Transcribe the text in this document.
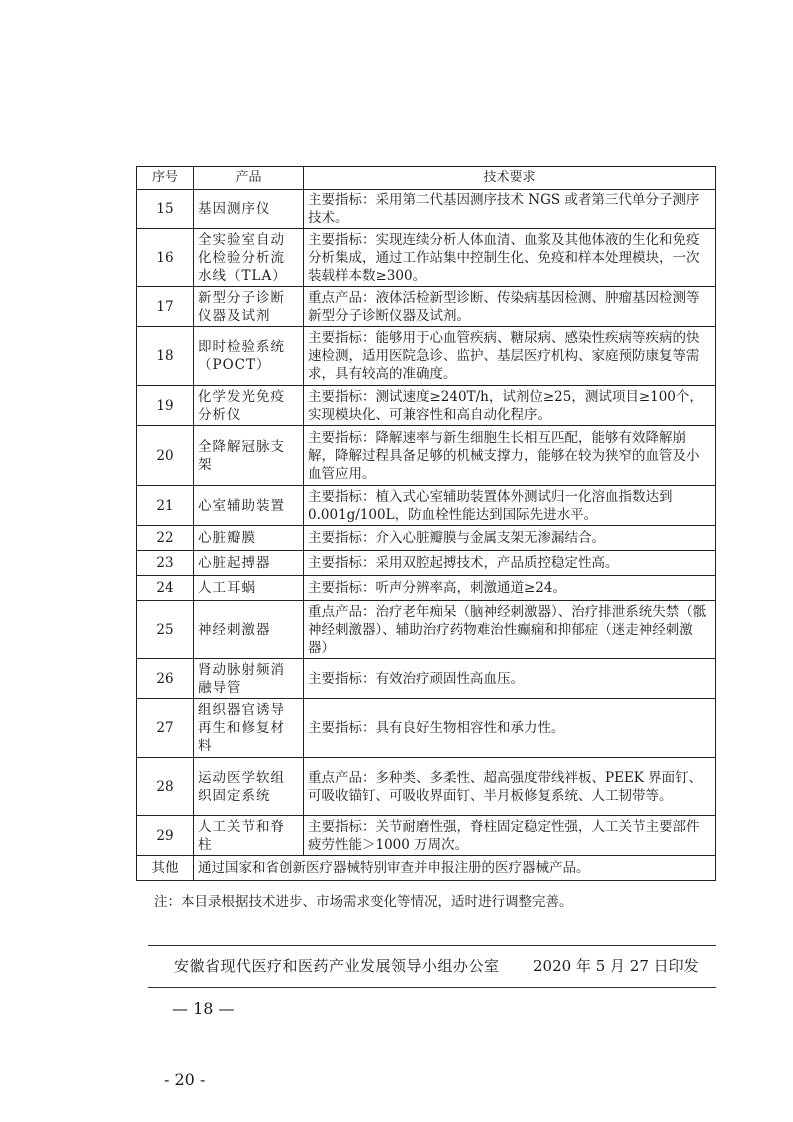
序号	产品	技术要求
15	基因测序仪	主要指标：采用第二代基因测序技术 NGS 或者第三代单分子测序技术。
16	全实验室自动化检验分析流水线（TLA）	主要指标：实现连续分析人体血清、血浆及其他体液的生化和免疫分析集成，通过工作站集中控制生化、免疫和样本处理模块，一次装载样本数≥300。
17	新型分子诊断仪器及试剂	重点产品：液体活检新型诊断、传染病基因检测、肿瘤基因检测等新型分子诊断仪器及试剂。
18	即时检验系统（POCT）	主要指标：能够用于心血管疾病、糖尿病、感染性疾病等疾病的快速检测，适用医院急诊、监护、基层医疗机构、家庭预防康复等需求，具有较高的准确度。
19	化学发光免疫分析仪	主要指标：测试速度≥240T/h，试剂位≥25，测试项目≥100个，实现模块化、可兼容性和高自动化程序。
20	全降解冠脉支架	主要指标：降解速率与新生细胞生长相互匹配，能够有效降解崩解，降解过程具备足够的机械支撑力，能够在较为狭窄的血管及小血管应用。
21	心室辅助装置	主要指标：植入式心室辅助装置体外测试归一化溶血指数达到 0.001g/100L，防血栓性能达到国际先进水平。
22	心脏瓣膜	主要指标：介入心脏瓣膜与金属支架无渗漏结合。
23	心脏起搏器	主要指标：采用双腔起搏技术，产品质控稳定性高。
24	人工耳蜗	主要指标：听声分辨率高，刺激通道≥24。
25	神经刺激器	重点产品：治疗老年痴呆（脑神经刺激器）、治疗排泄系统失禁（骶神经刺激器）、辅助治疗药物难治性癫痫和抑郁症（迷走神经刺激器）
26	肾动脉射频消融导管	主要指标：有效治疗顽固性高血压。
27	组织器官诱导再生和修复材料	主要指标：具有良好生物相容性和承力性。
28	运动医学软组织固定系统	重点产品：多种类、多柔性、超高强度带线袢板、PEEK 界面钉、可吸收锚钉、可吸收界面钉、半月板修复系统、人工韧带等。
29	人工关节和脊柱	主要指标：关节耐磨性强，脊柱固定稳定性强，人工关节主要部件疲劳性能＞1000 万周次。
其他	通过国家和省创新医疗器械特别审查并申报注册的医疗器械产品。	
注：本目录根据技术进步、市场需求变化等情况，适时进行调整完善。
安徽省现代医疗和医药产业发展领导小组办公室 2020 年 5 月 27 日印发
— 18 —
- 20 -
